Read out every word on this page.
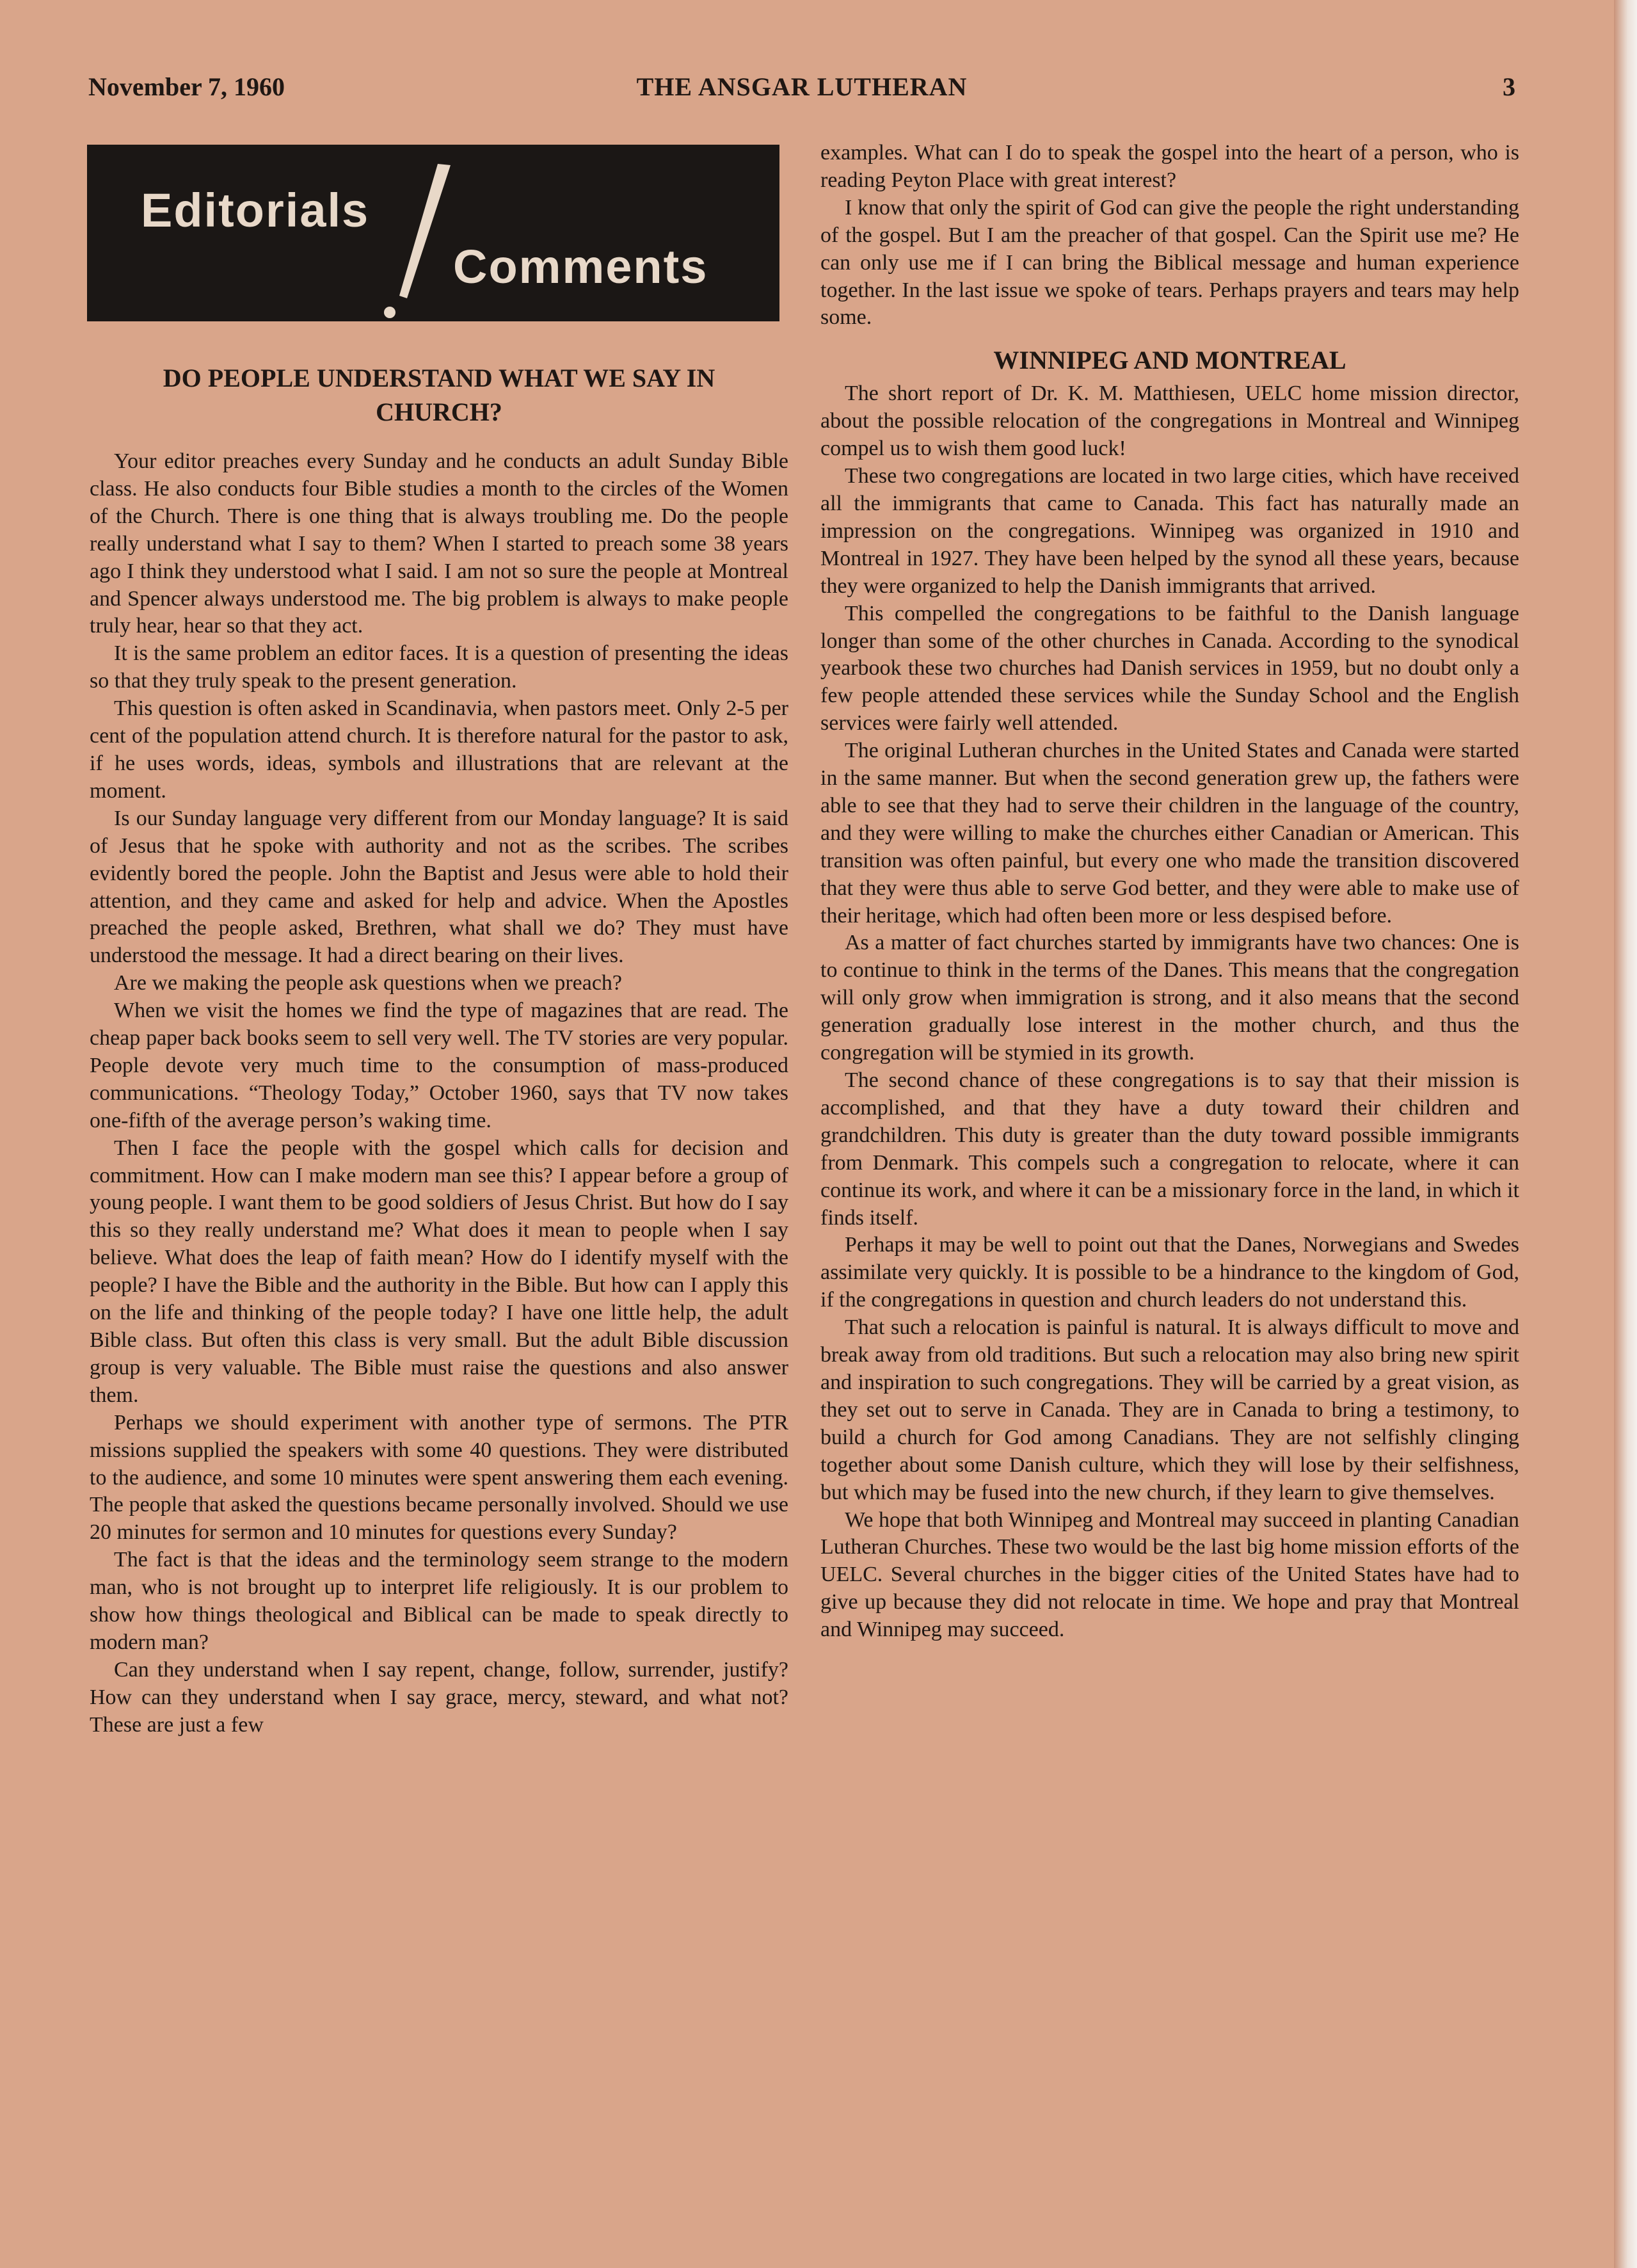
November 7, 1960	THE ANSGAR LUTHERAN	3
Editorials
Comments
DO PEOPLE UNDERSTAND WHAT WE SAY IN CHURCH?

Your editor preaches every Sunday and he conducts an adult Sunday Bible class. He also conducts four Bible studies a month to the circles of the Women of the Church. There is one thing that is always troubling me. Do the people really understand what I say to them? When I started to preach some 38 years ago I think they understood what I said. I am not so sure the people at Montreal and Spencer always understood me. The big problem is always to make people truly hear, hear so that they act.

It is the same problem an editor faces. It is a question of presenting the ideas so that they truly speak to the present generation.

This question is often asked in Scandinavia, when pastors meet. Only 2-5 per cent of the population attend church. It is therefore natural for the pastor to ask, if he uses words, ideas, symbols and illustrations that are relevant at the moment.

Is our Sunday language very different from our Monday language? It is said of Jesus that he spoke with authority and not as the scribes. The scribes evidently bored the people. John the Baptist and Jesus were able to hold their attention, and they came and asked for help and advice. When the Apostles preached the people asked, Brethren, what shall we do? They must have understood the message. It had a direct bearing on their lives.

Are we making the people ask questions when we preach?

When we visit the homes we find the type of magazines that are read. The cheap paper back books seem to sell very well. The TV stories are very popular. People devote very much time to the consumption of mass-produced communications. “Theology Today,” October 1960, says that TV now takes one-fifth of the average person’s waking time.

Then I face the people with the gospel which calls for decision and commitment. How can I make modern man see this? I appear before a group of young people. I want them to be good soldiers of Jesus Christ. But how do I say this so they really understand me? What does it mean to people when I say believe. What does the leap of faith mean? How do I identify myself with the people? I have the Bible and the authority in the Bible. But how can I apply this on the life and thinking of the people today? I have one little help, the adult Bible class. But often this class is very small. But the adult Bible discussion group is very valuable. The Bible must raise the questions and also answer them.

Perhaps we should experiment with another type of sermons. The PTR missions supplied the speakers with some 40 questions. They were distributed to the audience, and some 10 minutes were spent answering them each evening. The people that asked the questions became personally involved. Should we use 20 minutes for sermon and 10 minutes for questions every Sunday?

The fact is that the ideas and the terminology seem strange to the modern man, who is not brought up to interpret life religiously. It is our problem to show how things theological and Biblical can be made to speak directly to modern man?

Can they understand when I say repent, change, follow, surrender, justify? How can they understand when I say grace, mercy, steward, and what not? These are just a few

examples. What can I do to speak the gospel into the heart of a person, who is reading Peyton Place with great interest?

I know that only the spirit of God can give the people the right understanding of the gospel. But I am the preacher of that gospel. Can the Spirit use me? He can only use me if I can bring the Biblical message and human experience together. In the last issue we spoke of tears. Perhaps prayers and tears may help some.

WINNIPEG AND MONTREAL

The short report of Dr. K. M. Matthiesen, UELC home mission director, about the possible relocation of the congregations in Montreal and Winnipeg compel us to wish them good luck!

These two congregations are located in two large cities, which have received all the immigrants that came to Canada. This fact has naturally made an impression on the congregations. Winnipeg was organized in 1910 and Montreal in 1927. They have been helped by the synod all these years, because they were organized to help the Danish immigrants that arrived.

This compelled the congregations to be faithful to the Danish language longer than some of the other churches in Canada. According to the synodical yearbook these two churches had Danish services in 1959, but no doubt only a few people attended these services while the Sunday School and the English services were fairly well attended.

The original Lutheran churches in the United States and Canada were started in the same manner. But when the second generation grew up, the fathers were able to see that they had to serve their children in the language of the country, and they were willing to make the churches either Canadian or American. This transition was often painful, but every one who made the transition discovered that they were thus able to serve God better, and they were able to make use of their heritage, which had often been more or less despised before.

As a matter of fact churches started by immigrants have two chances: One is to continue to think in the terms of the Danes. This means that the congregation will only grow when immigration is strong, and it also means that the second generation gradually lose interest in the mother church, and thus the congregation will be stymied in its growth.

The second chance of these congregations is to say that their mission is accomplished, and that they have a duty toward their children and grandchildren. This duty is greater than the duty toward possible immigrants from Denmark. This compels such a congregation to relocate, where it can continue its work, and where it can be a missionary force in the land, in which it finds itself.

Perhaps it may be well to point out that the Danes, Norwegians and Swedes assimilate very quickly. It is possible to be a hindrance to the kingdom of God, if the congregations in question and church leaders do not understand this.

That such a relocation is painful is natural. It is always difficult to move and break away from old traditions. But such a relocation may also bring new spirit and inspiration to such congregations. They will be carried by a great vision, as they set out to serve in Canada. They are in Canada to bring a testimony, to build a church for God among Canadians. They are not selfishly clinging together about some Danish culture, which they will lose by their selfishness, but which may be fused into the new church, if they learn to give themselves.

We hope that both Winnipeg and Montreal may succeed in planting Canadian Lutheran Churches. These two would be the last big home mission efforts of the UELC. Several churches in the bigger cities of the United States have had to give up because they did not relocate in time. We hope and pray that Montreal and Winnipeg may succeed.
